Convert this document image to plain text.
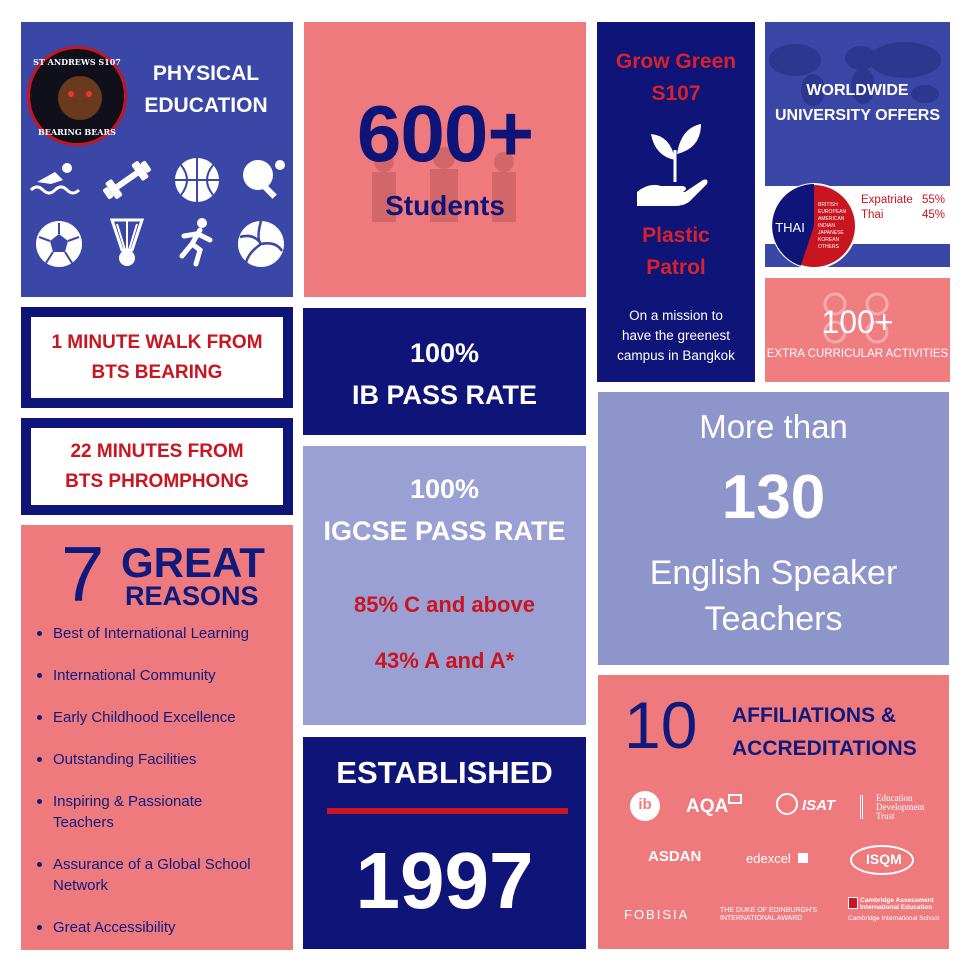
ST ANDREWS S107
BEARING BEARS
PHYSICAL
EDUCATION	600+
Students
Grow Green
S107
Plastic
Patrol
On a mission to
have the greenest
campus in Bangkok
WORLDWIDE
UNIVERSITY OFFERS
THAI
BRITISH
EUROPEAN
AMERICAN
INDIAN
JAPANESE
KOREAN
OTHERS
Expatriate 55%
Thai	45%
100+
EXTRA CURRICULAR ACTIVITIES
1 MINUTE WALK FROM
BTS BEARING
22 MINUTES FROM
BTS PHROMPHONG
100%
IB PASS RATE
100%
IGCSE PASS RATE
85% C and above
43% A and A*
More than
130
English Speaker
Teachers
7 GREAT
REASONS
Best of International Learning
International Community
Early Childhood Excellence
Outstanding Facilities
Inspiring & Passionate
Teachers
Assurance of a Global School
Network
Great Accessibility
ESTABLISHED
1997
10 AFFILIATIONS &
ACCREDITATIONS
ib	AQA	ISAT	Education
Development
Trust
ASDAN	edexcel	ISQM
FOBISIA	THE DUKE OF EDINBURGH'S
INTERNATIONAL AWARD
Cambridge Assessment
International Education
Cambridge International School
